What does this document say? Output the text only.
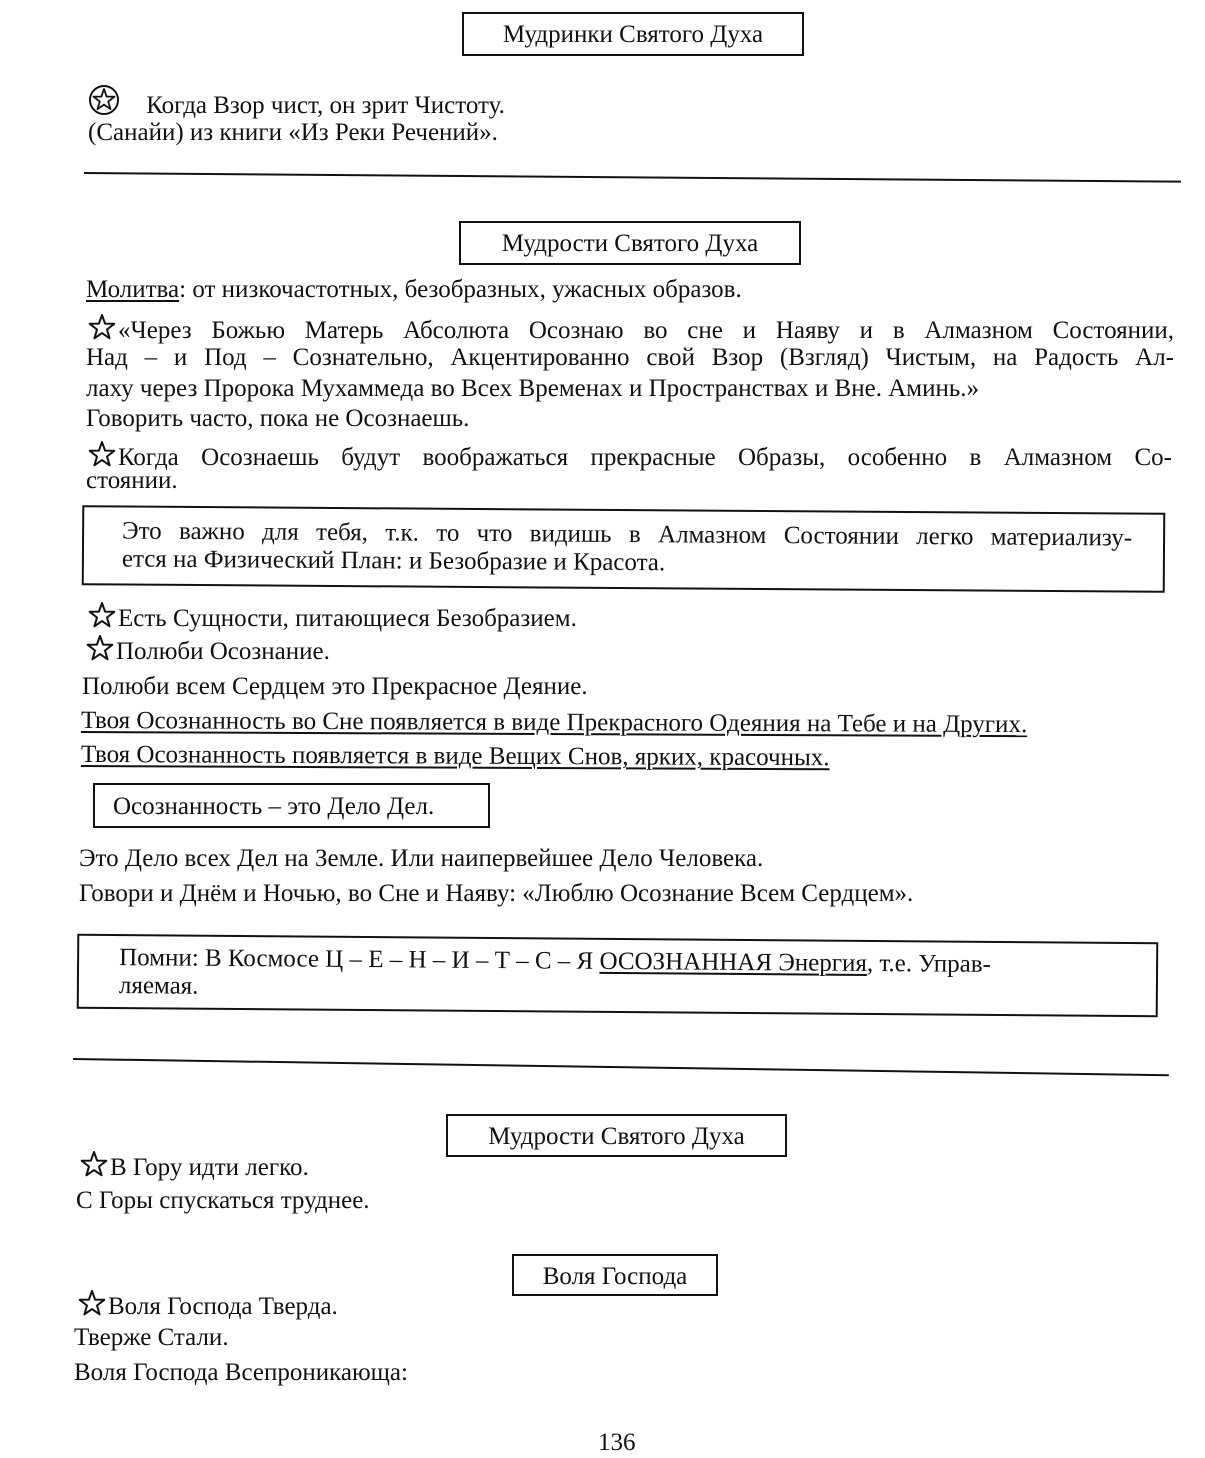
Мудринки Святого Духа
Когда Взор чист, он зрит Чистоту.
(Санайи) из книги «Из Реки Речений».
Мудрости Святого Духа
Молитва: от низкочастотных, безобразных, ужасных образов.
«Через Божью Матерь Абсолюта Осознаю во сне и Наяву и в Алмазном Состоянии,
Над – и Под – Сознательно, Акцентированно свой Взор (Взгляд) Чистым, на Радость Ал-
лаху через Пророка Мухаммеда во Всех Временах и Пространствах и Вне. Аминь.»
Говорить часто, пока не Осознаешь.
Когда Осознаешь будут воображаться прекрасные Образы, особенно в Алмазном Со-
стоянии.
Это важно для тебя, т.к. то что видишь в Алмазном Состоянии легко материализу-
ется на Физический План: и Безобразие и Красота.
Есть Сущности, питающиеся Безобразием.
Полюби Осознание.
Полюби всем Сердцем это Прекрасное Деяние.
Твоя Осознанность во Сне появляется в виде Прекрасного Одеяния на Тебе и на Других.
Твоя Осознанность появляется в виде Вещих Снов, ярких, красочных.
Осознанность – это Дело Дел.
Это Дело всех Дел на Земле. Или наипервейшее Дело Человека.
Говори и Днём и Ночью, во Сне и Наяву: «Люблю Осознание Всем Сердцем».
Помни: В Космосе Ц – Е – Н – И – Т – С – Я ОСОЗНАННАЯ Энергия, т.е. Управ-
ляемая.
Мудрости Святого Духа
В Гору идти легко.
С Горы спускаться труднее.
Воля Господа
Воля Господа Тверда.
Тверже Стали.
Воля Господа Всепроникающа:
136
